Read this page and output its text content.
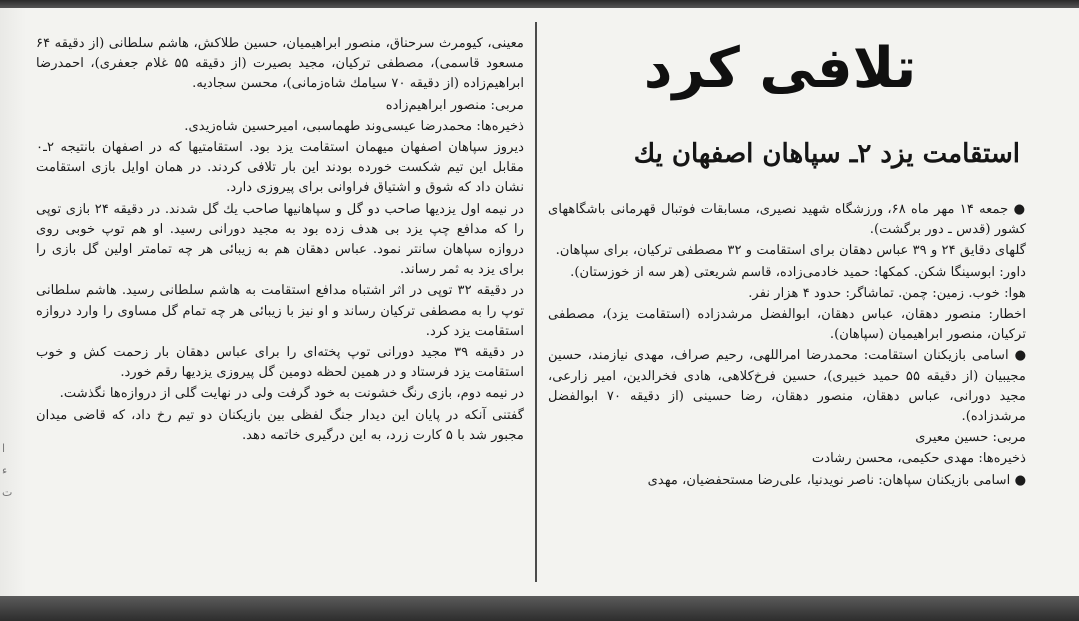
ا
ء
ت
تلافی کرد
استقامت یزد ۲ـ سپاهان اصفهان یك

● جمعه ۱۴ مهر ماه ۶۸، ورزشگاه شهید نصیری، مسابقات فوتبال قهرمانی باشگاههای کشور (قدس ـ دور برگشت).

گلهای دقایق ۲۴ و ۳۹ عباس دهقان برای استقامت و ۳۲ مصطفی ترکیان، برای سپاهان.

داور: ابوسینگا شکن. کمکها: حمید خادمی‌زاده، قاسم شریعتی (هر سه از خوزستان).

هوا: خوب. زمین: چمن. تماشاگر: حدود ۴ هزار نفر.

اخطار: منصور دهقان، عباس دهقان، ابوالفضل مرشدزاده (استقامت یزد)، مصطفی ترکیان، منصور ابراهیمیان (سپاهان).

● اسامی بازیکنان استقامت: محمدرضا امراللهی، رحیم صراف، مهدی نیازمند، حسین مجیبیان (از دقیقه ۵۵ حمید خبیری)، حسین فرخ‌کلاهی، هادی فخرالدین، امیر زارعی، مجید دورانی، عباس دهقان، منصور دهقان، رضا حسینی (از دقیقه ۷۰ ابوالفضل مرشدزاده).

مربی: حسین معیری

ذخیره‌ها: مهدی حکیمی، محسن رشادت

● اسامی بازیکنان سپاهان: ناصر نویدنیا، علی‌رضا مستحفضیان، مهدی

معینی، کیومرث سرحناق، منصور ابراهیمیان، حسین طلاکش، هاشم سلطانی (از دقیقه ۶۴ مسعود قاسمی)، مصطفی ترکیان، مجید بصیرت (از دقیقه ۵۵ غلام جعفری)، احمدرضا ابراهیم‌زاده (از دقیقه ۷۰ سیامك شاه‌زمانی)، محسن سجادیه.

مربی: منصور ابراهیم‌زاده

ذخیره‌ها: محمدرضا عیسی‌وند طهماسبی، امیرحسین شاه‌زیدی.

دیروز سپاهان اصفهان میهمان استقامت یزد بود. استقامتیها که در اصفهان بانتیجه ۲ـ۰ مقابل این تیم شکست خورده بودند این بار تلافی کردند. در همان اوایل بازی استقامت نشان داد که شوق و اشتیاق فراوانی برای پیروزی دارد.

در نیمه اول یزدیها صاحب دو گل و سپاهانیها صاحب یك گل شدند. در دقیقه ۲۴ بازی توپی را که مدافع چپ یزد بی هدف زده بود به مجید دورانی رسید. او هم توپ خوبی روی دروازه سپاهان سانتر نمود. عباس دهقان هم به زیبائی هر چه تمامتر اولین گل بازی را برای یزد به ثمر رساند.

در دقیقه ۳۲ توپی در اثر اشتباه مدافع استقامت به هاشم سلطانی رسید. هاشم سلطانی توپ را به مصطفی ترکیان رساند و او نیز با زیبائی هر چه تمام گل مساوی را وارد دروازه استقامت یزد کرد.

در دقیقه ۳۹ مجید دورانی توپ پخته‌ای را برای عباس دهقان بار زحمت کش و خوب استقامت یزد فرستاد و در همین لحظه دومین گل پیروزی یزدیها رقم خورد.

در نیمه دوم، بازی رنگ خشونت به خود گرفت ولی در نهایت گلی از دروازه‌ها نگذشت.

گفتنی آنکه در پایان این دیدار جنگ لفظی بین بازیکنان دو تیم رخ داد، که قاضی میدان مجبور شد با ۵ کارت زرد، به این درگیری خاتمه دهد.
